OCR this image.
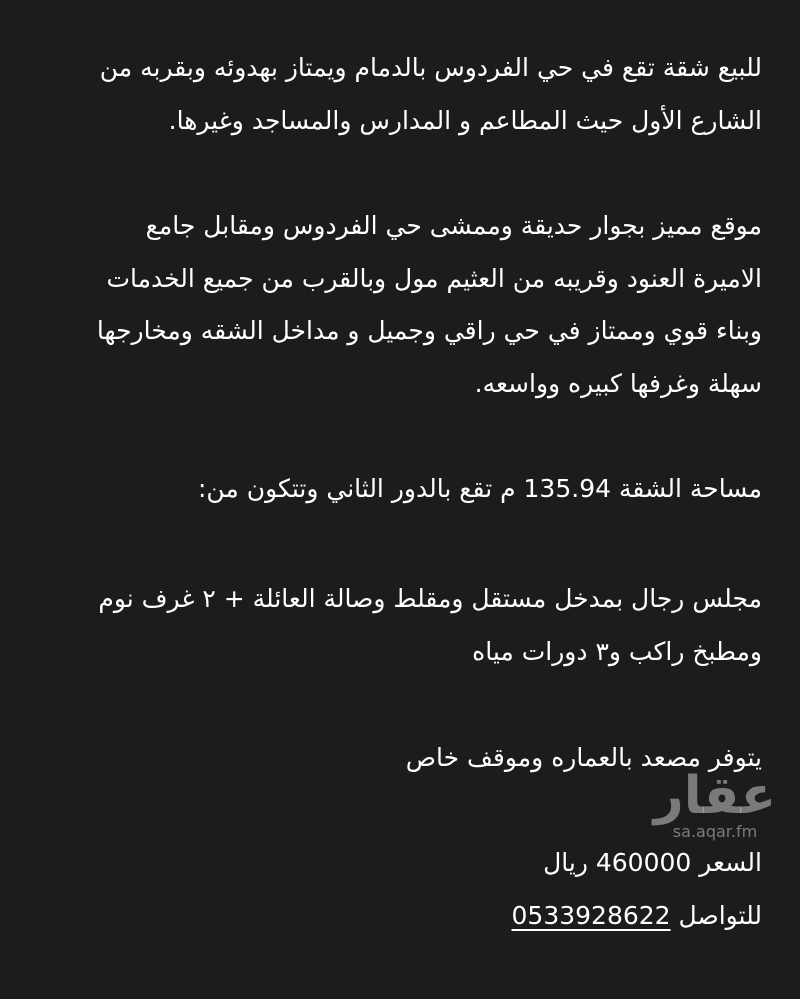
للبيع شقة تقع في حي الفردوس بالدمام ويمتاز بهدوئه وبقربه من
الشارع الأول حيث المطاعم و المدارس والمساجد وغيرها.
موقع مميز بجوار حديقة وممشى حي الفردوس ومقابل جامع
الاميرة العنود وقريبه من العثيم مول وبالقرب من جميع الخدمات
وبناء قوي وممتاز في حي راقي وجميل و مداخل الشقه ومخارجها
سهلة وغرفها كبيره وواسعه.
مساحة الشقة 135.94 م تقع بالدور الثاني وتتكون من:
مجلس رجال بمدخل مستقل ومقلط وصالة العائلة + ٢ غرف نوم
ومطبخ راكب و٣ دورات مياه
يتوفر مصعد بالعماره وموقف خاص
السعر 460000 ريال
للتواصل 0533928622
عقار
sa.aqar.fm
